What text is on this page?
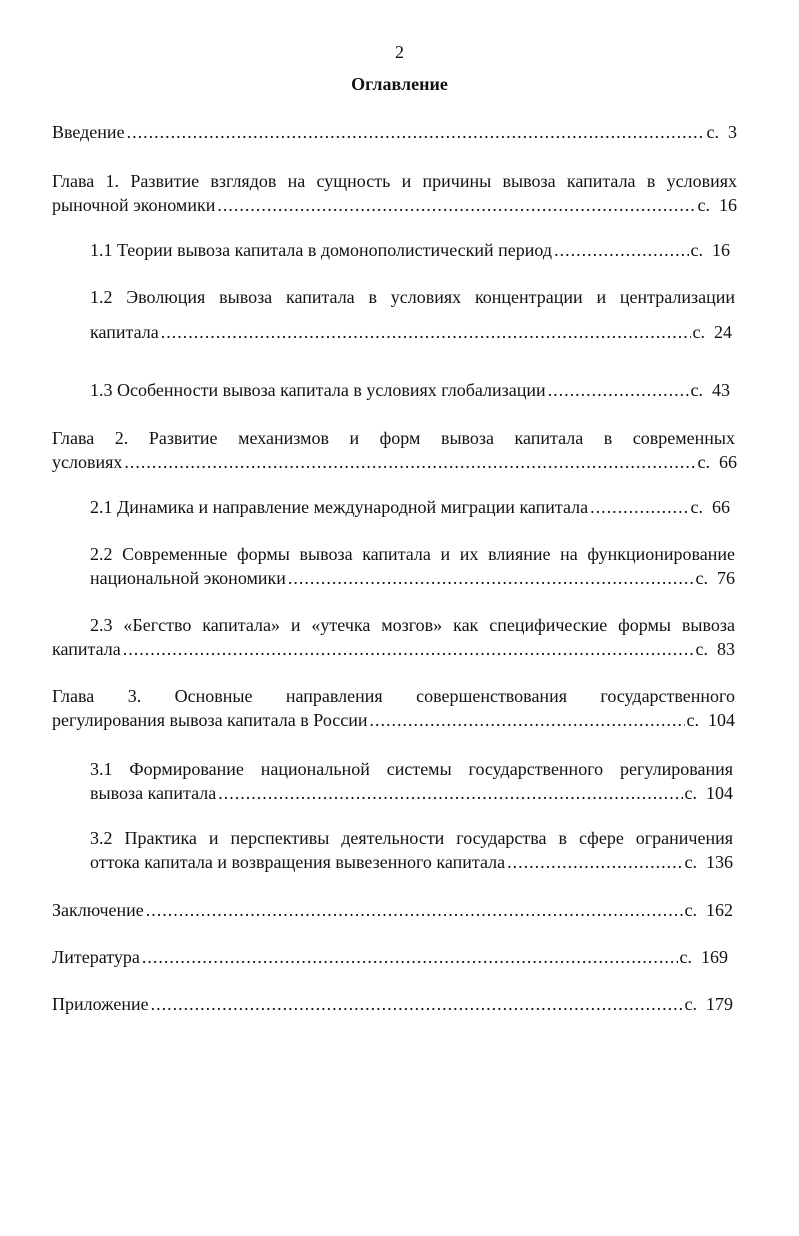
2
Оглавление
Введение .....	с.  3
Глава 1. Развитие взглядов на сущность и причины вывоза капитала в условиях
рыночной экономики .....	с.  16
1.1 Теории вывоза капитала в домонополистический период .....	с.  16
1.2 Эволюция вывоза капитала в условиях концентрации и централизации
капитала .....	с.  24
1.3 Особенности вывоза капитала в условиях глобализации .....	с.  43
Глава 2. Развитие механизмов и форм вывоза капитала в современных
условиях .....	с.  66
2.1 Динамика и направление международной миграции капитала .....	с.  66
2.2 Современные формы вывоза капитала и их влияние на функционирование
национальной экономики .....	с.  76
2.3 «Бегство капитала» и «утечка мозгов» как специфические формы вывоза
капитала .....	с.  83
Глава 3. Основные направления совершенствования государственного
регулирования вывоза капитала в России .....	с.  104
3.1 Формирование национальной системы государственного регулирования
вывоза капитала .....	с.  104
3.2 Практика и перспективы деятельности государства в сфере ограничения
оттока капитала и возвращения вывезенного капитала .....	с.  136
Заключение .....	с.  162
Литература .....	с.  169
Приложение .....	с.  179
